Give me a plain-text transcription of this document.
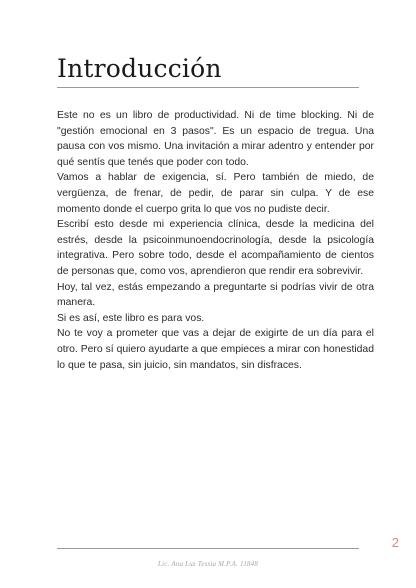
Introducción

Este no es un libro de productividad. Ni de time blocking. Ni de "gestión emocional en 3 pasos". Es un espacio de tregua. Una pausa con vos mismo. Una invitación a mirar adentro y entender por qué sentís que tenés que poder con todo.

Vamos a hablar de exigencia, sí. Pero también de miedo, de vergüenza, de frenar, de pedir, de parar sin culpa. Y de ese momento donde el cuerpo grita lo que vos no pudiste decir.

Escribí esto desde mi experiencia clínica, desde la medicina del estrés, desde la psicoinmunoendocrinología, desde la psicología integrativa. Pero sobre todo, desde el acompañamiento de cientos de personas que, como vos, aprendieron que rendir era sobrevivir.

Hoy, tal vez, estás empezando a preguntarte si podrías vivir de otra manera.

Si es así, este libro es para vos.

No te voy a prometer que vas a dejar de exigirte de un día para el otro. Pero sí quiero ayudarte a que empieces a mirar con honestidad lo que te pasa, sin juicio, sin mandatos, sin disfraces.

2
Lic. Ana Luz Tessia M.P.A. 11848
